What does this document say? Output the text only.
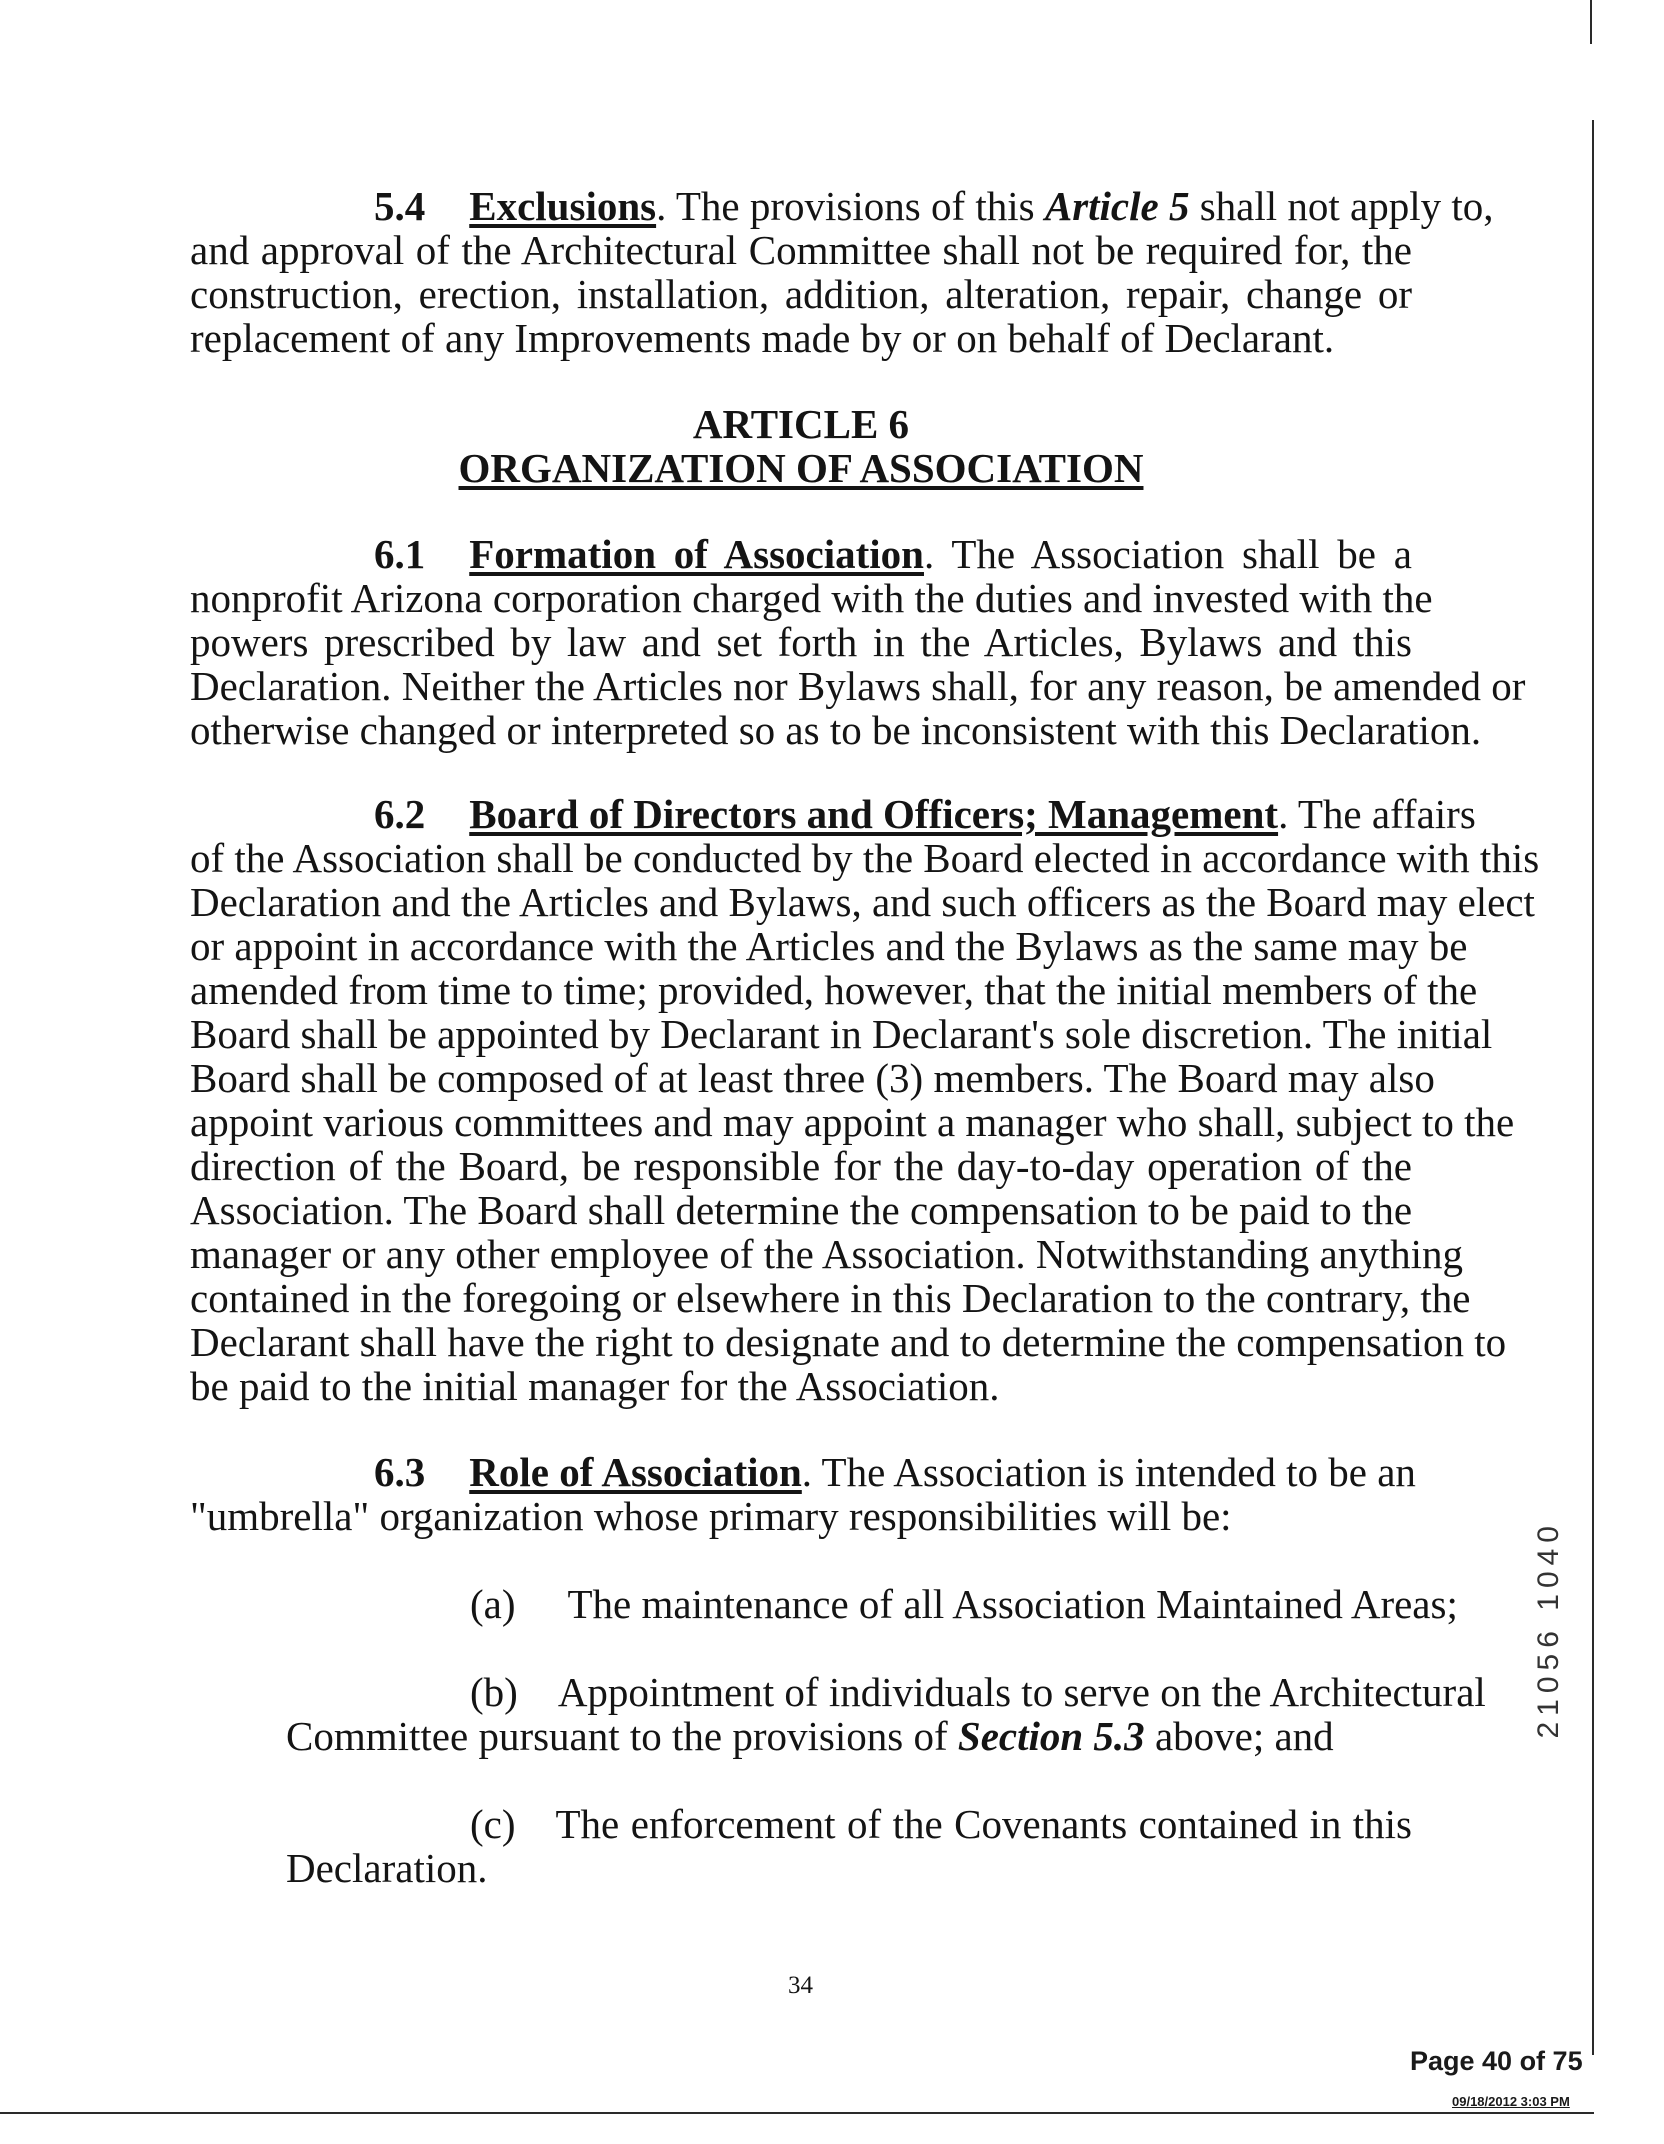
5.4 Exclusions. The provisions of this Article 5 shall not apply to,
and approval of the Architectural Committee shall not be required for, the
construction, erection, installation, addition, alteration, repair, change or
replacement of any Improvements made by or on behalf of Declarant.
ARTICLE 6
ORGANIZATION OF ASSOCIATION
6.1 Formation of Association. The Association shall be a
nonprofit Arizona corporation charged with the duties and invested with the
powers prescribed by law and set forth in the Articles, Bylaws and this
Declaration. Neither the Articles nor Bylaws shall, for any reason, be amended or
otherwise changed or interpreted so as to be inconsistent with this Declaration.
6.2 Board of Directors and Officers; Management. The affairs
of the Association shall be conducted by the Board elected in accordance with this
Declaration and the Articles and Bylaws, and such officers as the Board may elect
or appoint in accordance with the Articles and the Bylaws as the same may be
amended from time to time; provided, however, that the initial members of the
Board shall be appointed by Declarant in Declarant's sole discretion. The initial
Board shall be composed of at least three (3) members. The Board may also
appoint various committees and may appoint a manager who shall, subject to the
direction of the Board, be responsible for the day-to-day operation of the
Association. The Board shall determine the compensation to be paid to the
manager or any other employee of the Association. Notwithstanding anything
contained in the foregoing or elsewhere in this Declaration to the contrary, the
Declarant shall have the right to designate and to determine the compensation to
be paid to the initial manager for the Association.
6.3 Role of Association. The Association is intended to be an
"umbrella" organization whose primary responsibilities will be:
(a) The maintenance of all Association Maintained Areas;
(b) Appointment of individuals to serve on the Architectural
Committee pursuant to the provisions of Section 5.3 above; and
(c) The enforcement of the Covenants contained in this
Declaration.
34
Page 40 of 75
09/18/2012 3:03 PM
21056 1040
